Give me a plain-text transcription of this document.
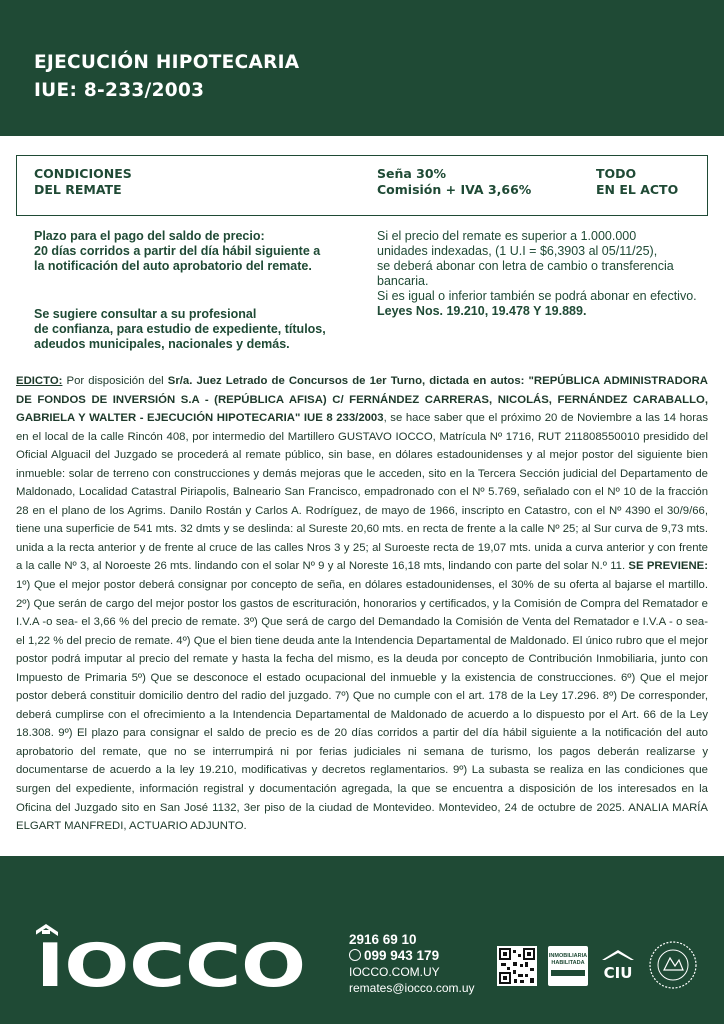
EJECUCIÓN HIPOTECARIA
IUE: 8-233/2003
CONDICIONES
DEL REMATE
Seña 30%
Comisión + IVA 3,66%
TODO
EN EL ACTO
Plazo para el pago del saldo de precio:
20 días corridos a partir del día hábil siguiente a
la notificación del auto aprobatorio del remate.
Se sugiere consultar a su profesional
de confianza, para estudio de expediente, títulos,
adeudos municipales, nacionales y demás.
Si el precio del remate es superior a 1.000.000
unidades indexadas, (1 U.I = $6,3903 al 05/11/25),
se deberá abonar con letra de cambio o transferencia
bancaria.
Si es igual o inferior también se podrá abonar en efectivo.
Leyes Nos. 19.210, 19.478 Y 19.889.
EDICTO: Por disposición del Sr/a. Juez Letrado de Concursos de 1er Turno, dictada en autos: "REPÚBLICA ADMINISTRADORA DE FONDOS DE INVERSIÓN S.A - (REPÚBLICA AFISA) C/ FERNÁNDEZ CARRERAS, NICOLÁS, FERNÁNDEZ CARABALLO, GABRIELA Y WALTER - EJECUCIÓN HIPOTECARIA" IUE 8 233/2003, se hace saber que el próximo 20 de Noviembre a las 14 horas en el local de la calle Rincón 408, por intermedio del Martillero GUSTAVO IOCCO, Matrícula Nº 1716, RUT 211808550010 presidido del Oficial Alguacil del Juzgado se procederá al remate público, sin base, en dólares estadounidenses y al mejor postor del siguiente bien inmueble: solar de terreno con construcciones y demás mejoras que le acceden, sito en la Tercera Sección judicial del Departamento de Maldonado, Localidad Catastral Piriapolis, Balneario San Francisco, empadronado con el Nº 5.769, señalado con el Nº 10 de la fracción 28 en el plano de los Agrims. Danilo Rostán y Carlos A. Rodríguez, de mayo de 1966, inscripto en Catastro, con el Nº 4390 el 30/9/66, tiene una superficie de 541 mts. 32 dmts y se deslinda: al Sureste 20,60 mts. en recta de frente a la calle Nº 25; al Sur curva de 9,73 mts. unida a la recta anterior y de frente al cruce de las calles Nros 3 y 25; al Suroeste recta de 19,07 mts. unida a curva anterior y con frente a la calle Nº 3, al Noroeste 26 mts. lindando con el solar Nº 9 y al Noreste 16,18 mts, lindando con parte del solar N.º 11. SE PREVIENE: 1º) Que el mejor postor deberá consignar por concepto de seña, en dólares estadounidenses, el 30% de su oferta al bajarse el martillo. 2º) Que serán de cargo del mejor postor los gastos de escrituración, honorarios y certificados, y la Comisión de Compra del Rematador e I.V.A -o sea- el 3,66 % del precio de remate. 3º) Que será de cargo del Demandado la Comisión de Venta del Rematador e I.V.A - o sea- el 1,22 % del precio de remate. 4º) Que el bien tiene deuda ante la Intendencia Departamental de Maldonado. El único rubro que el mejor postor podrá imputar al precio del remate y hasta la fecha del mismo, es la deuda por concepto de Contribución Inmobiliaria, junto con Impuesto de Primaria 5º) Que se desconoce el estado ocupacional del inmueble y la existencia de construcciones. 6º) Que el mejor postor deberá constituir domicilio dentro del radio del juzgado. 7º) Que no cumple con el art. 178 de la Ley 17.296. 8º) De corresponder, deberá cumplirse con el ofrecimiento a la Intendencia Departamental de Maldonado de acuerdo a lo dispuesto por el Art. 66 de la Ley 18.308. 9º) El plazo para consignar el saldo de precio es de 20 días corridos a partir del día hábil siguiente a la notificación del auto aprobatorio del remate, que no se interrumpirá ni por ferias judiciales ni semana de turismo, los pagos deberán realizarse y documentarse de acuerdo a la ley 19.210, modificativas y decretos reglamentarios. 9º) La subasta se realiza en las condiciones que surgen del expediente, información registral y documentación agregada, la que se encuentra a disposición de los interesados en la Oficina del Juzgado sito en San José 1132, 3er piso de la ciudad de Montevideo. Montevideo, 24 de octubre de 2025. ANALIA MARÍA ELGART MANFREDI, ACTUARIO ADJUNTO.
IOCCO	2916 69 10
099 943 179
IOCCO.COM.UY
remates@iocco.com.uy
INMOBILIARIA
HABILITADA
CIU
